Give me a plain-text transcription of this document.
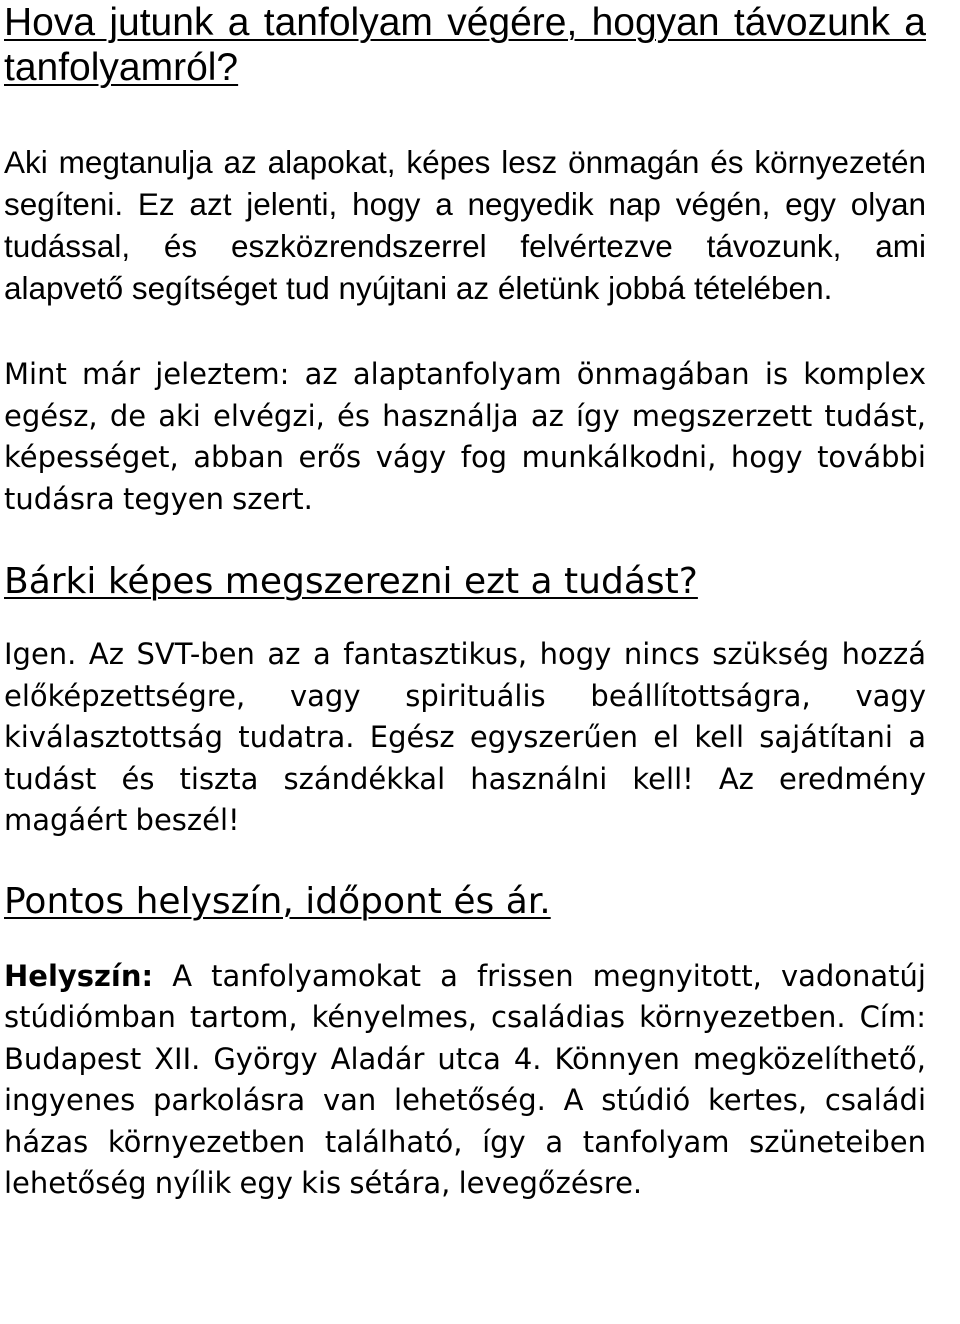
Hova jutunk a tanfolyam végére, hogyan távozunk a tanfolyamról?

Aki megtanulja az alapokat, képes lesz önmagán és környezetén segíteni. Ez azt jelenti, hogy a negyedik nap végén, egy olyan tudással, és eszközrendszerrel felvértezve távozunk, ami alapvető segítséget tud nyújtani az életünk jobbá tételében.

Mint már jeleztem: az alaptanfolyam önmagában is komplex egész, de aki elvégzi, és használja az így megszerzett tudást, képességet, abban erős vágy fog munkálkodni, hogy további tudásra tegyen szert.

Bárki képes megszerezni ezt a tudást?

Igen. Az SVT-ben az a fantasztikus, hogy nincs szükség hozzá előképzettségre, vagy spirituális beállítottságra, vagy kiválasztottság tudatra. Egész egyszerűen el kell sajátítani a tudást és tiszta szándékkal használni kell! Az eredmény magáért beszél!

Pontos helyszín, időpont és ár.

Helyszín: A tanfolyamokat a frissen megnyitott, vadonatúj stúdiómban tartom, kényelmes, családias környezetben. Cím: Budapest XII. György Aladár utca 4. Könnyen megközelíthető, ingyenes parkolásra van lehetőség. A stúdió kertes, családi házas környezetben található, így a tanfolyam szüneteiben lehetőség nyílik egy kis sétára, levegőzésre.
